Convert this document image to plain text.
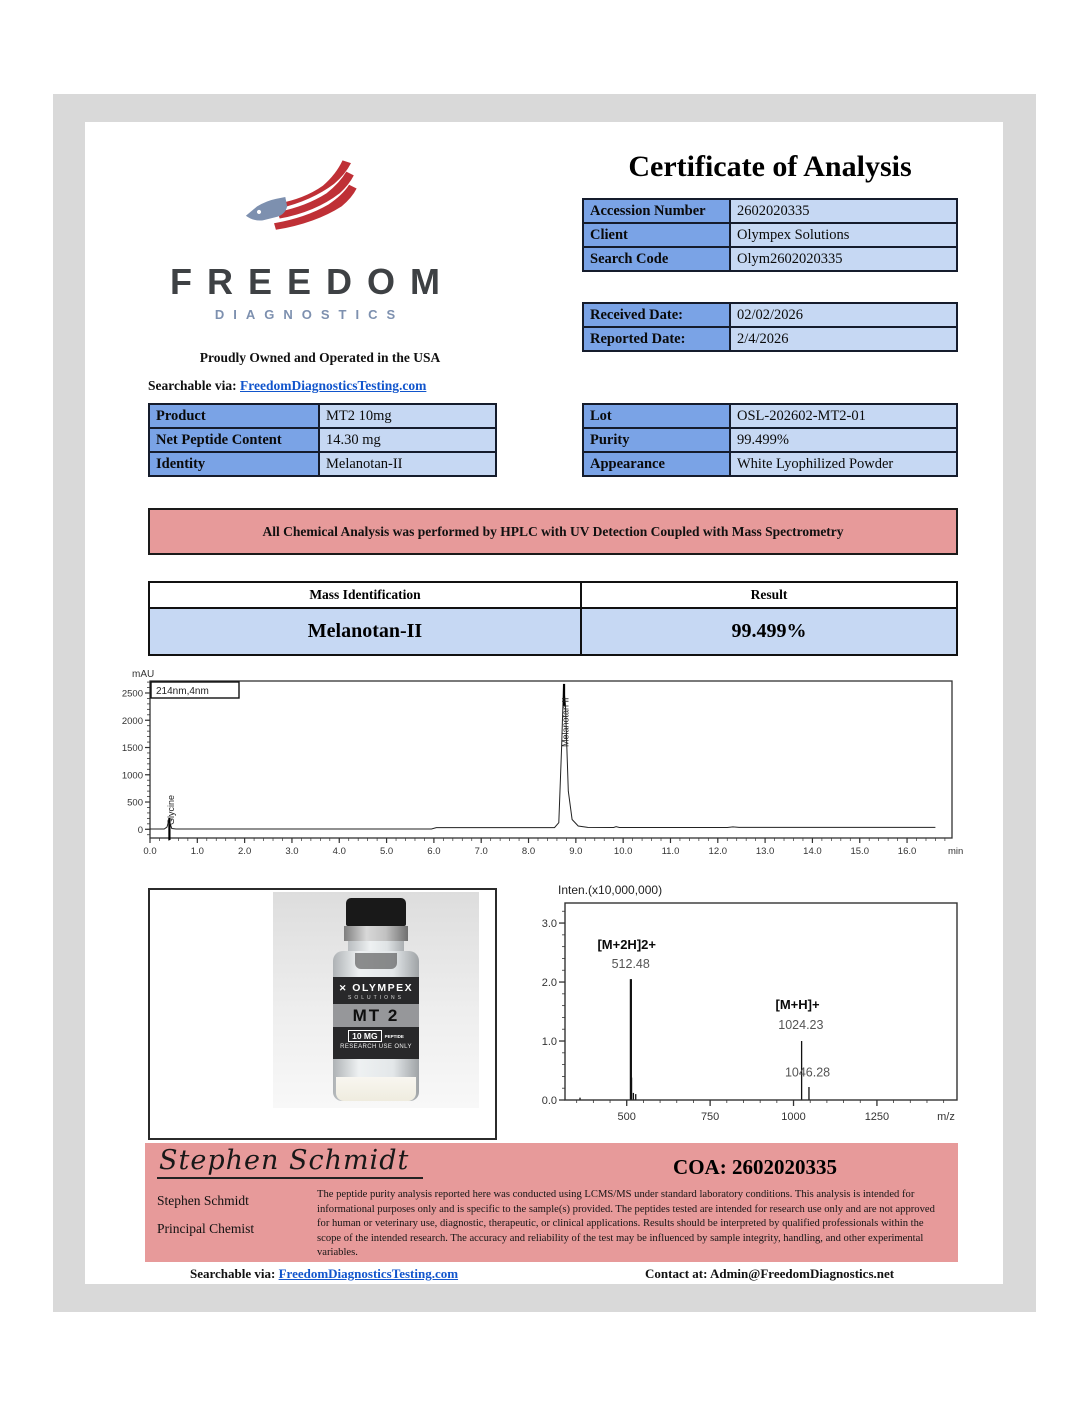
FREEDOM
DIAGNOSTICS
Proudly Owned and Operated in the USA
Searchable via: FreedomDiagnosticsTesting.com
Certificate of Analysis
Accession Number	2602020335
Client	Olympex Solutions
Search Code	Olym2602020335
Received Date:	02/02/2026
Reported Date:	2/4/2026
Product	MT2 10mg
Net Peptide Content	14.30 mg
Identity	Melanotan-II
Lot	OSL-202602-MT2-01
Purity	99.499%
Appearance	White Lyophilized Powder
All Chemical Analysis was performed by HPLC with UV Detection Coupled with Mass Spectrometry
Mass Identification	Result
Melanotan-II	99.499%
mAU
0
500
1000
1500
2000
2500
0.0	1.0	2.0	3.0	4.0	5.0	6.0	7.0	8.0	9.0	10.0	11.0	12.0	13.0	14.0	15.0	16.0	min
Glycine
Melanotan II
214nm,4nm
✕ OLYMPEX
SOLUTIONS
MT 2
10 MG	PEPTIDE
RESEARCH USE ONLY
Inten.(x10,000,000)
0.0
1.0
2.0
3.0
500	750	1000	1250	m/z
[M+2H]2+
512.48
[M+H]+
1024.23
1046.28
Stephen Schmidt	COA: 2602020335
Stephen Schmidt
Principal Chemist
The peptide purity analysis reported here was conducted using LCMS/MS under standard laboratory conditions. This analysis is intended for informational purposes only and is specific to the sample(s) provided. The peptides tested are intended for research use only and are not approved for human or veterinary use, diagnostic, therapeutic, or clinical applications. Results should be interpreted by qualified professionals within the scope of the intended research. The accuracy and reliability of the test may be influenced by sample integrity, handling, and other experimental variables.
Searchable via: FreedomDiagnosticsTesting.com	Contact at: Admin@FreedomDiagnostics.net
